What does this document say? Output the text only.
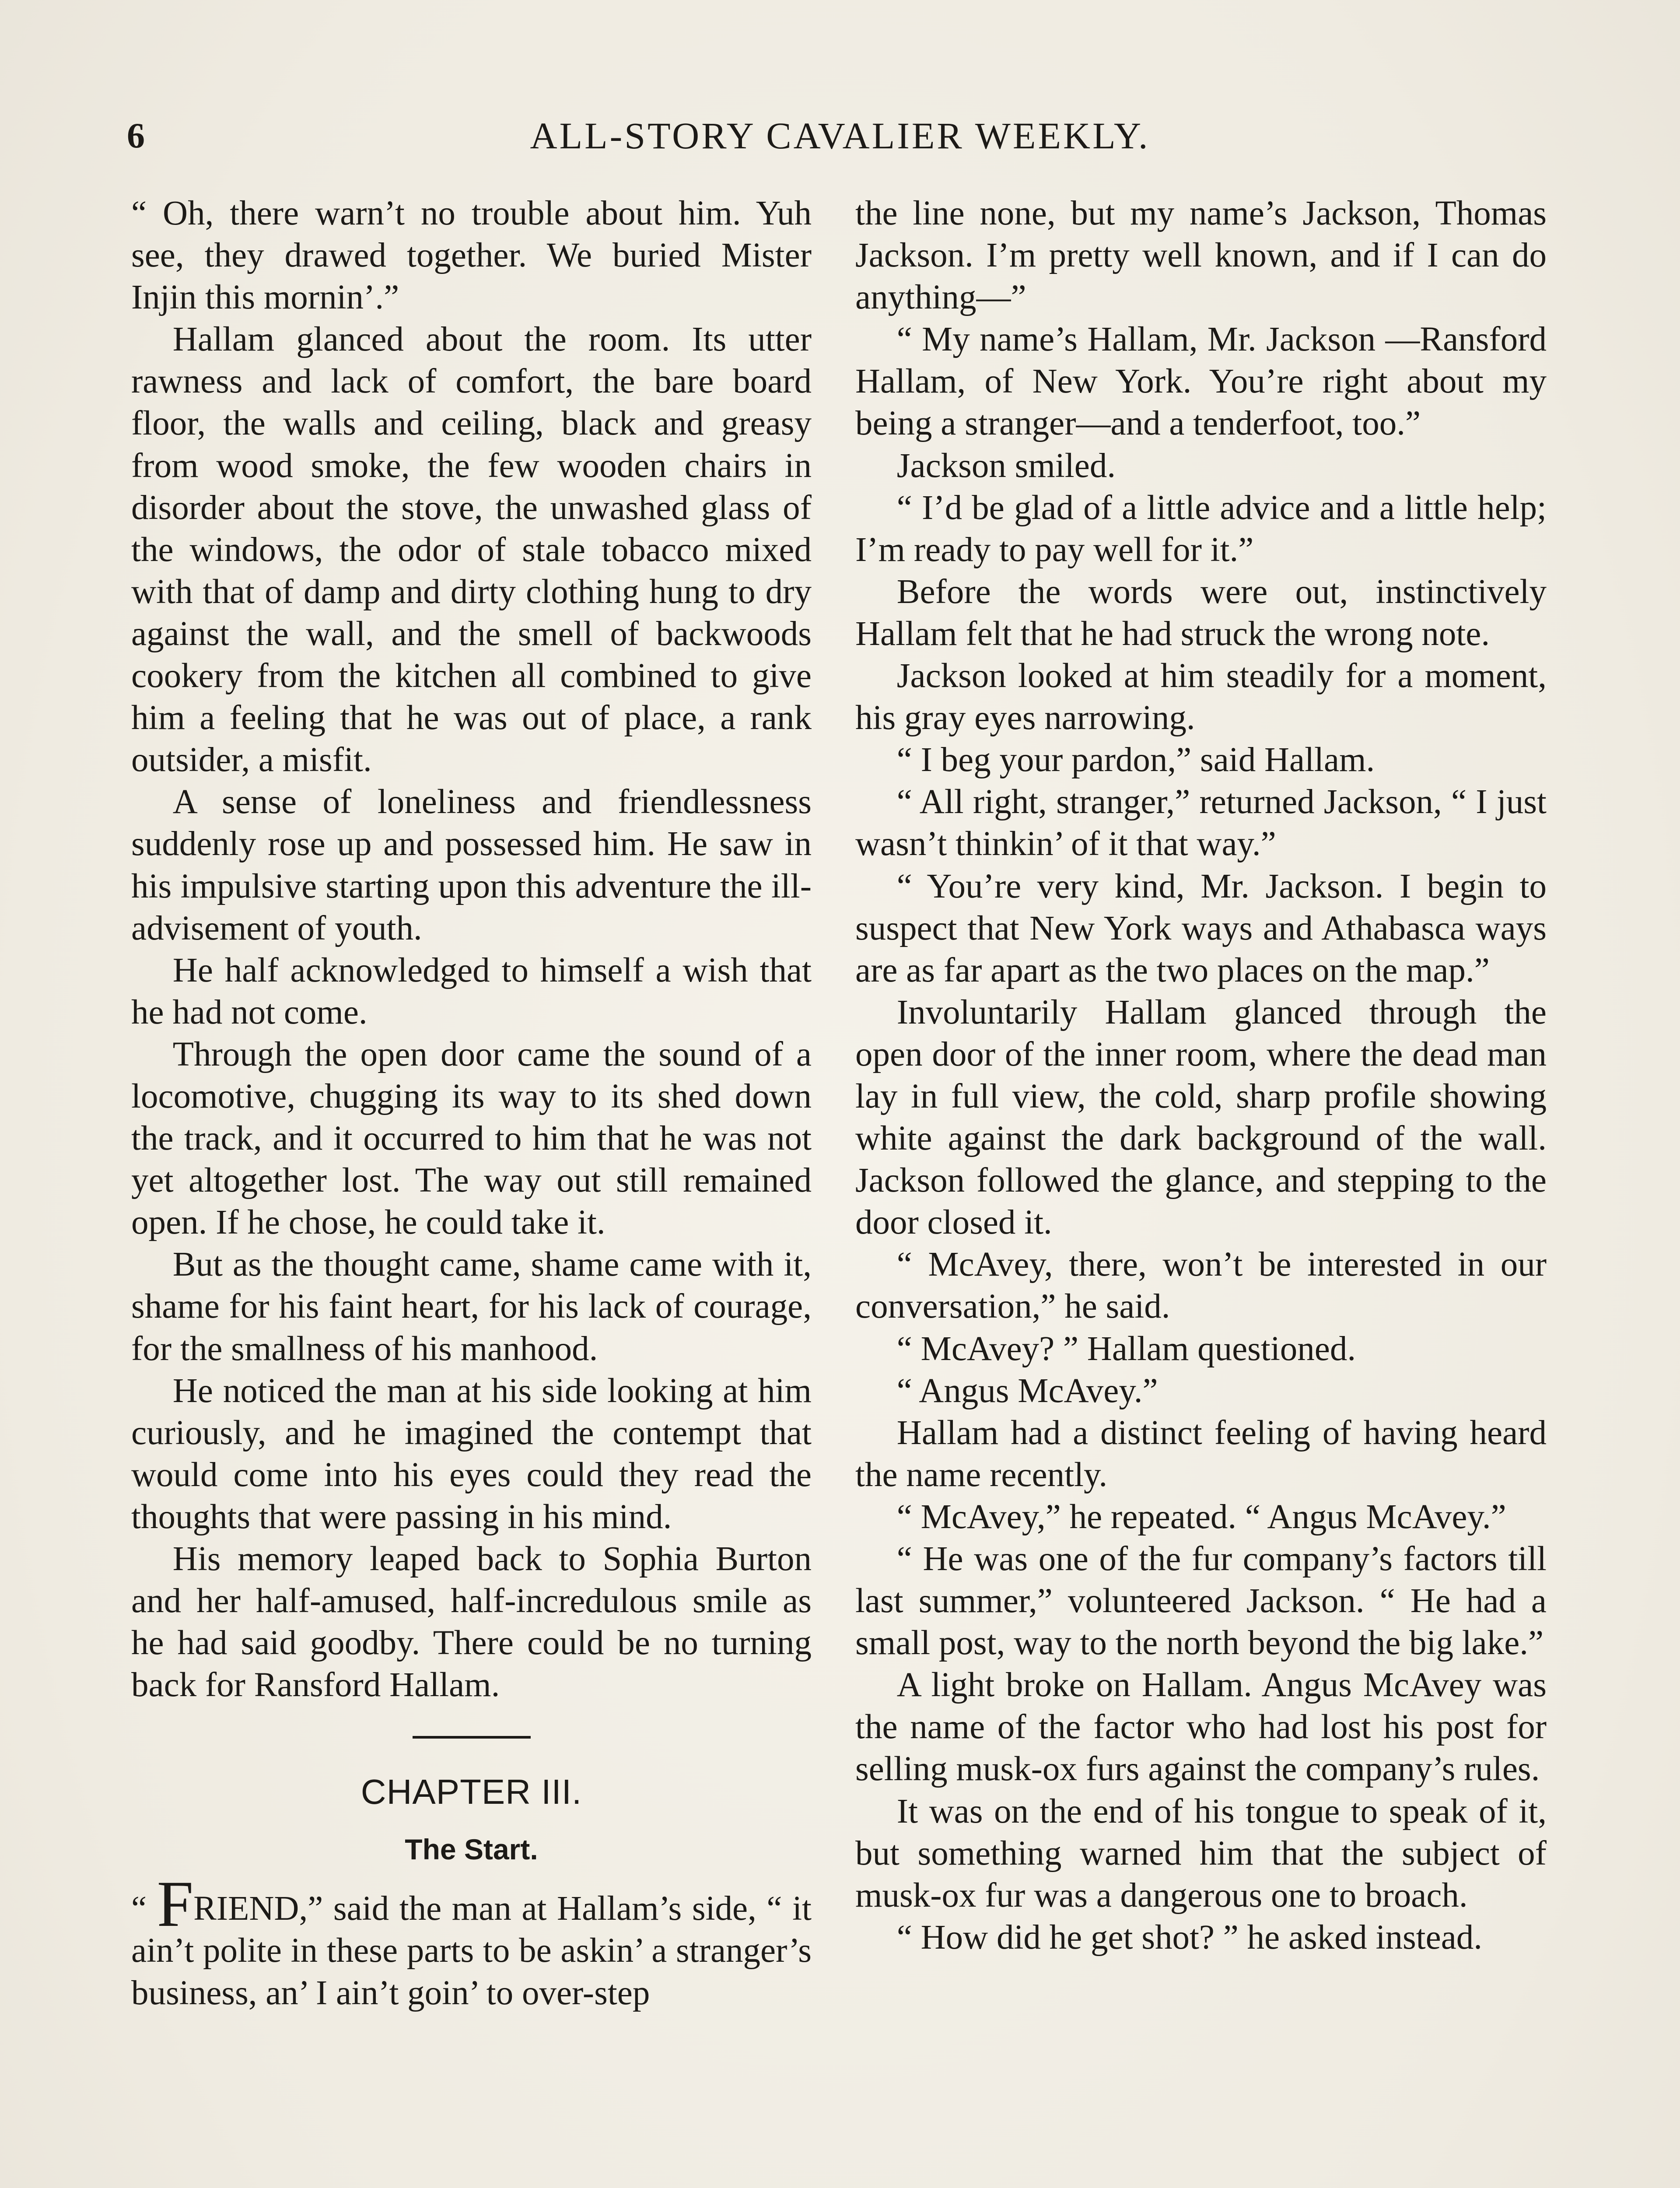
6	ALL-STORY CAVALIER WEEKLY.

“ Oh, there warn’t no trouble about him. Yuh see, they drawed together. We buried Mister Injin this mornin’.”

Hallam glanced about the room. Its utter rawness and lack of comfort, the bare board floor, the walls and ceiling, black and greasy from wood smoke, the few wooden chairs in disorder about the stove, the unwashed glass of the windows, the odor of stale tobacco mixed with that of damp and dirty clothing hung to dry against the wall, and the smell of backwoods cookery from the kitchen all combined to give him a feeling that he was out of place, a rank outsider, a misfit.

A sense of loneliness and friendlessness suddenly rose up and possessed him. He saw in his impulsive starting upon this adventure the ill-advisement of youth.

He half acknowledged to himself a wish that he had not come.

Through the open door came the sound of a locomotive, chugging its way to its shed down the track, and it occurred to him that he was not yet altogether lost. The way out still remained open. If he chose, he could take it.

But as the thought came, shame came with it, shame for his faint heart, for his lack of courage, for the smallness of his manhood.

He noticed the man at his side looking at him curiously, and he imagined the contempt that would come into his eyes could they read the thoughts that were passing in his mind.

His memory leaped back to Sophia Burton and her half-amused, half-incredulous smile as he had said goodby. There could be no turning back for Ransford Hallam.

CHAPTER III.
The Start.

“ FRIEND,” said the man at Hallam’s side, “ it ain’t polite in these parts to be askin’ a stranger’s business, an’ I ain’t goin’ to over-step

the line none, but my name’s Jackson, Thomas Jackson. I’m pretty well known, and if I can do anything—”

“ My name’s Hallam, Mr. Jackson —Ransford Hallam, of New York. You’re right about my being a stranger—and a tenderfoot, too.”

Jackson smiled.

“ I’d be glad of a little advice and a little help; I’m ready to pay well for it.”

Before the words were out, instinctively Hallam felt that he had struck the wrong note.

Jackson looked at him steadily for a moment, his gray eyes narrowing.

“ I beg your pardon,” said Hallam.

“ All right, stranger,” returned Jackson, “ I just wasn’t thinkin’ of it that way.”

“ You’re very kind, Mr. Jackson. I begin to suspect that New York ways and Athabasca ways are as far apart as the two places on the map.”

Involuntarily Hallam glanced through the open door of the inner room, where the dead man lay in full view, the cold, sharp profile showing white against the dark background of the wall. Jackson followed the glance, and stepping to the door closed it.

“ McAvey, there, won’t be interested in our conversation,” he said.

“ McAvey? ” Hallam questioned.

“ Angus McAvey.”

Hallam had a distinct feeling of having heard the name recently.

“ McAvey,” he repeated. “ Angus McAvey.”

“ He was one of the fur company’s factors till last summer,” volunteered Jackson. “ He had a small post, way to the north beyond the big lake.”

A light broke on Hallam. Angus McAvey was the name of the factor who had lost his post for selling musk-ox furs against the company’s rules.

It was on the end of his tongue to speak of it, but something warned him that the subject of musk-ox fur was a dangerous one to broach.

“ How did he get shot? ” he asked instead.
